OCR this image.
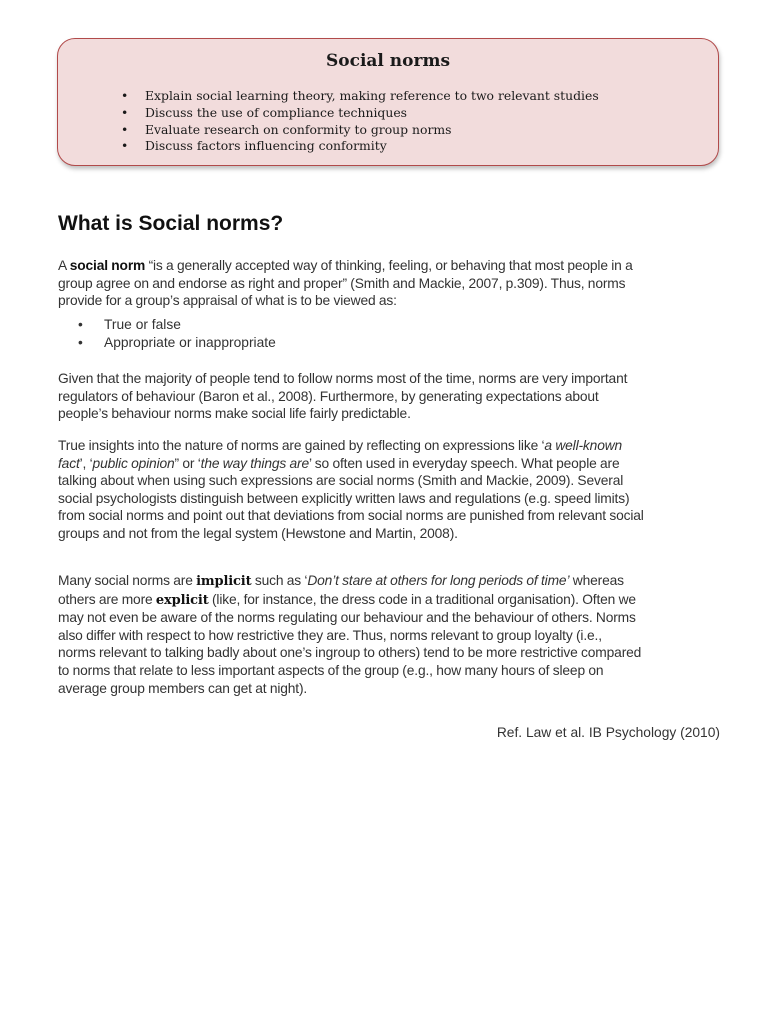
Social norms
• Explain social learning theory, making reference to two relevant studies
• Discuss the use of compliance techniques
• Evaluate research on conformity to group norms
• Discuss factors influencing conformity
What is Social norms?

A social norm “is a generally accepted way of thinking, feeling, or behaving that most people in a
group agree on and endorse as right and proper” (Smith and Mackie, 2007, p.309). Thus, norms
provide for a group’s appraisal of what is to be viewed as:

• True or false
• Appropriate or inappropriate

Given that the majority of people tend to follow norms most of the time, norms are very important
regulators of behaviour (Baron et al., 2008). Furthermore, by generating expectations about
people’s behaviour norms make social life fairly predictable.

True insights into the nature of norms are gained by reflecting on expressions like ‘a well-known
fact’, ‘public opinion” or ‘the way things are’ so often used in everyday speech. What people are
talking about when using such expressions are social norms (Smith and Mackie, 2009). Several
social psychologists distinguish between explicitly written laws and regulations (e.g. speed limits)
from social norms and point out that deviations from social norms are punished from relevant social
groups and not from the legal system (Hewstone and Martin, 2008).

Many social norms are implicit such as ‘Don’t stare at others for long periods of time’ whereas
others are more explicit (like, for instance, the dress code in a traditional organisation). Often we
may not even be aware of the norms regulating our behaviour and the behaviour of others. Norms
also differ with respect to how restrictive they are. Thus, norms relevant to group loyalty (i.e.,
norms relevant to talking badly about one’s ingroup to others) tend to be more restrictive compared
to norms that relate to less important aspects of the group (e.g., how many hours of sleep on
average group members can get at night).

Ref. Law et al. IB Psychology (2010)
